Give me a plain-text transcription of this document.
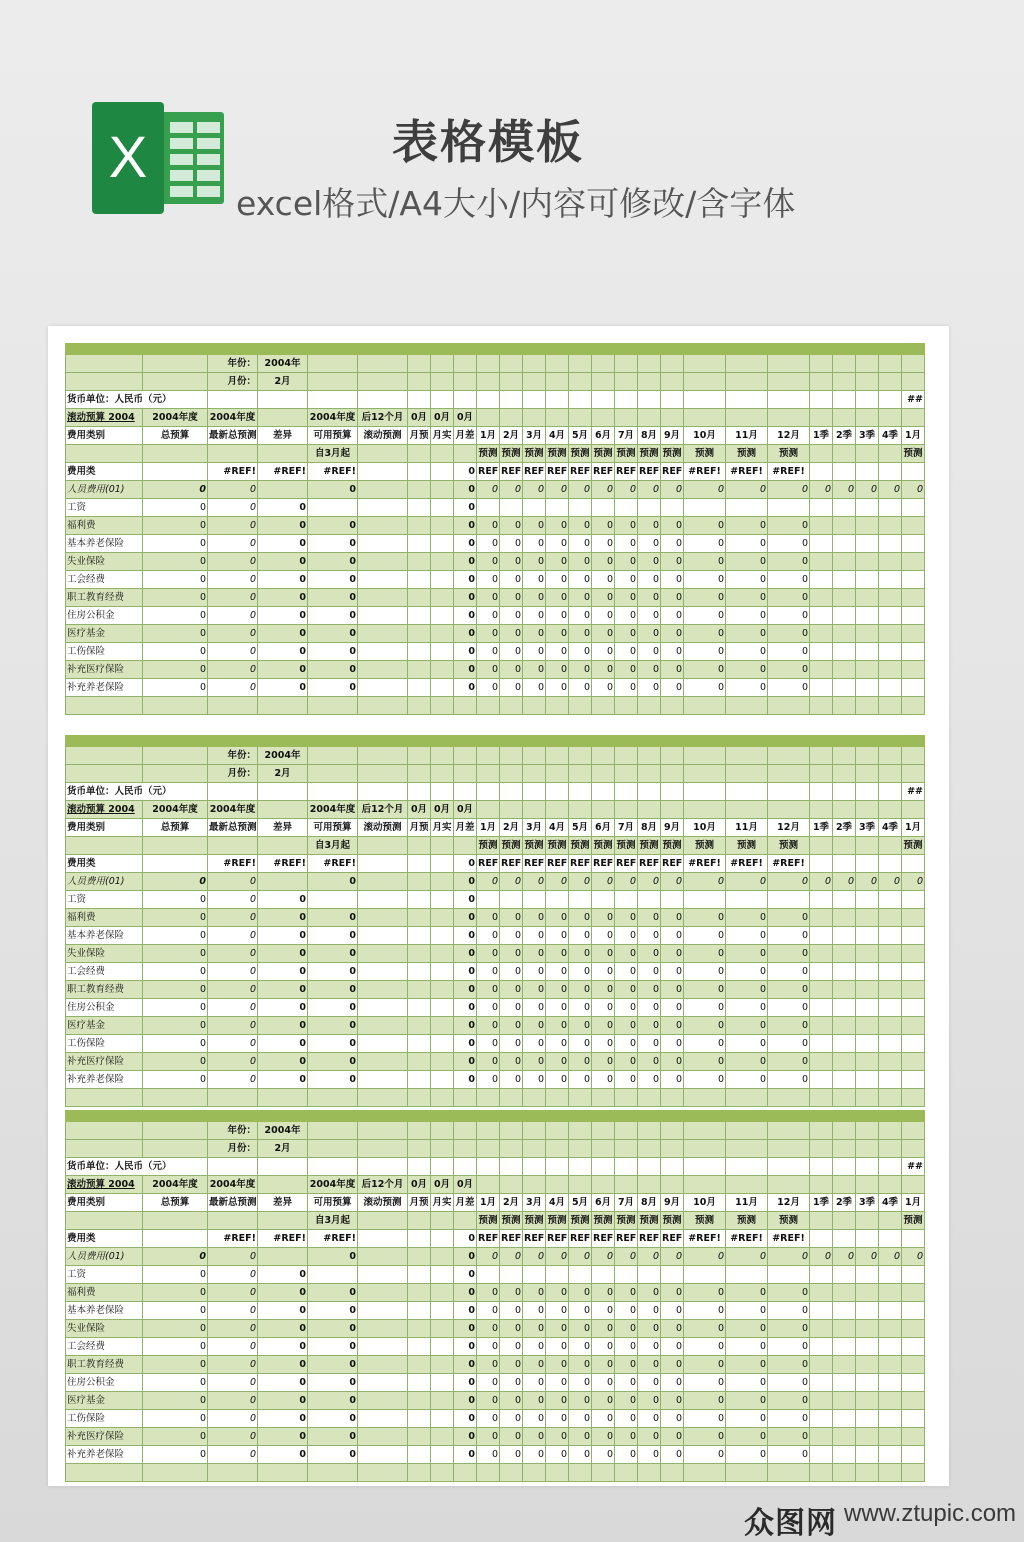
X	表格模板
excel格式/A4大小/内容可修改/含字体

		年份：	2004年																						
		月份：	2月																						
货币单位：人民币（元）																									##
滚动预算 2004	2004年度	2004年度		2004年度	后12个月	0月	0月	0月																	
费用类别	总预算	最新总预测	差异	可用预算	滚动预测	月预	月实	月差	1月	2月	3月	4月	5月	6月	7月	8月	9月	10月	11月	12月	1季	2季	3季	4季	1月
				自3月起					预测	预测	预测	预测	预测	预测	预测	预测	预测	预测	预测	预测					预测
费用类		#REF!	#REF!	#REF!				0	REF	REF	REF	REF	REF	REF	REF	REF	REF	#REF!	#REF!	#REF!					
人员费用(01)	0	0		0				0	0	0	0	0	0	0	0	0	0	0	0	0	0	0	0	0	0
工资	0	0	0					0																	
福利费	0	0	0	0				0	0	0	0	0	0	0	0	0	0	0	0	0					
基本养老保险	0	0	0	0				0	0	0	0	0	0	0	0	0	0	0	0	0					
失业保险	0	0	0	0				0	0	0	0	0	0	0	0	0	0	0	0	0					
工会经费	0	0	0	0				0	0	0	0	0	0	0	0	0	0	0	0	0					
职工教育经费	0	0	0	0				0	0	0	0	0	0	0	0	0	0	0	0	0					
住房公积金	0	0	0	0				0	0	0	0	0	0	0	0	0	0	0	0	0					
医疗基金	0	0	0	0				0	0	0	0	0	0	0	0	0	0	0	0	0					
工伤保险	0	0	0	0				0	0	0	0	0	0	0	0	0	0	0	0	0					
补充医疗保险	0	0	0	0				0	0	0	0	0	0	0	0	0	0	0	0	0					
补充养老保险	0	0	0	0				0	0	0	0	0	0	0	0	0	0	0	0	0					

		年份：	2004年																						
		月份：	2月																						
货币单位：人民币（元）																									##
滚动预算 2004	2004年度	2004年度		2004年度	后12个月	0月	0月	0月																	
费用类别	总预算	最新总预测	差异	可用预算	滚动预测	月预	月实	月差	1月	2月	3月	4月	5月	6月	7月	8月	9月	10月	11月	12月	1季	2季	3季	4季	1月
				自3月起					预测	预测	预测	预测	预测	预测	预测	预测	预测	预测	预测	预测					预测
费用类		#REF!	#REF!	#REF!				0	REF	REF	REF	REF	REF	REF	REF	REF	REF	#REF!	#REF!	#REF!					
人员费用(01)	0	0		0				0	0	0	0	0	0	0	0	0	0	0	0	0	0	0	0	0	0
工资	0	0	0					0																	
福利费	0	0	0	0				0	0	0	0	0	0	0	0	0	0	0	0	0					
基本养老保险	0	0	0	0				0	0	0	0	0	0	0	0	0	0	0	0	0					
失业保险	0	0	0	0				0	0	0	0	0	0	0	0	0	0	0	0	0					
工会经费	0	0	0	0				0	0	0	0	0	0	0	0	0	0	0	0	0					
职工教育经费	0	0	0	0				0	0	0	0	0	0	0	0	0	0	0	0	0					
住房公积金	0	0	0	0				0	0	0	0	0	0	0	0	0	0	0	0	0					
医疗基金	0	0	0	0				0	0	0	0	0	0	0	0	0	0	0	0	0					
工伤保险	0	0	0	0				0	0	0	0	0	0	0	0	0	0	0	0	0					
补充医疗保险	0	0	0	0				0	0	0	0	0	0	0	0	0	0	0	0	0					
补充养老保险	0	0	0	0				0	0	0	0	0	0	0	0	0	0	0	0	0					

		年份：	2004年																						
		月份：	2月																						
货币单位：人民币（元）																									##
滚动预算 2004	2004年度	2004年度		2004年度	后12个月	0月	0月	0月																	
费用类别	总预算	最新总预测	差异	可用预算	滚动预测	月预	月实	月差	1月	2月	3月	4月	5月	6月	7月	8月	9月	10月	11月	12月	1季	2季	3季	4季	1月
				自3月起					预测	预测	预测	预测	预测	预测	预测	预测	预测	预测	预测	预测					预测
费用类		#REF!	#REF!	#REF!				0	REF	REF	REF	REF	REF	REF	REF	REF	REF	#REF!	#REF!	#REF!					
人员费用(01)	0	0		0				0	0	0	0	0	0	0	0	0	0	0	0	0	0	0	0	0	0
工资	0	0	0					0																	
福利费	0	0	0	0				0	0	0	0	0	0	0	0	0	0	0	0	0					
基本养老保险	0	0	0	0				0	0	0	0	0	0	0	0	0	0	0	0	0					
失业保险	0	0	0	0				0	0	0	0	0	0	0	0	0	0	0	0	0					
工会经费	0	0	0	0				0	0	0	0	0	0	0	0	0	0	0	0	0					
职工教育经费	0	0	0	0				0	0	0	0	0	0	0	0	0	0	0	0	0					
住房公积金	0	0	0	0				0	0	0	0	0	0	0	0	0	0	0	0	0					
医疗基金	0	0	0	0				0	0	0	0	0	0	0	0	0	0	0	0	0					
工伤保险	0	0	0	0				0	0	0	0	0	0	0	0	0	0	0	0	0					
补充医疗保险	0	0	0	0				0	0	0	0	0	0	0	0	0	0	0	0	0					
补充养老保险	0	0	0	0				0	0	0	0	0	0	0	0	0	0	0	0	0					

众图网 www.ztupic.com
